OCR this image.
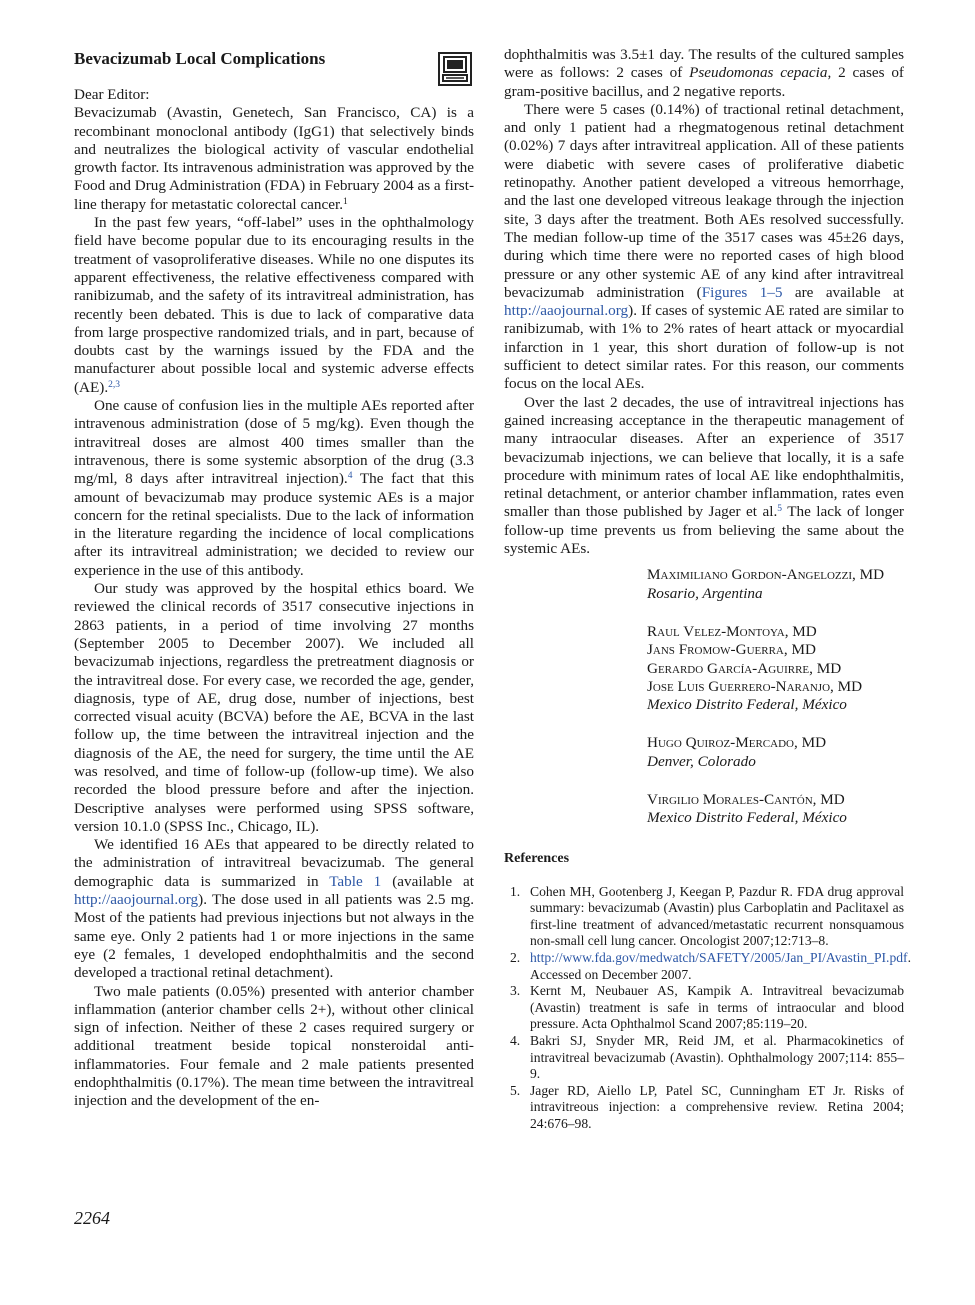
Bevacizumab Local Complications

Dear Editor:

Bevacizumab (Avastin, Genetech, San Francisco, CA) is a recombinant monoclonal antibody (IgG1) that selectively binds and neutralizes the biological activity of vascular endothelial growth factor. Its intravenous administration was approved by the Food and Drug Administration (FDA) in February 2004 as a first-line therapy for metastatic colorectal cancer.$^1$

In the past few years, “off-label” uses in the ophthalmology field have become popular due to its encouraging results in the treatment of vasoproliferative diseases. While no one disputes its apparent effectiveness, the relative effectiveness compared with ranibizumab, and the safety of its intravitreal administration, has recently been debated. This is due to lack of comparative data from large prospective randomized trials, and in part, because of doubts cast by the warnings issued by the FDA and the manufacturer about possible local and systemic adverse effects (AE).$^{2,3}$

One cause of confusion lies in the multiple AEs reported after intravenous administration (dose of 5 mg/kg). Even though the intravitreal doses are almost 400 times smaller than the intravenous, there is some systemic absorption of the drug (3.3 mg/ml, 8 days after intravitreal injection).$^4$ The fact that this amount of bevacizumab may produce systemic AEs is a major concern for the retinal specialists. Due to the lack of information in the literature regarding the incidence of local complications after its intravitreal administration; we decided to review our experience in the use of this antibody.

Our study was approved by the hospital ethics board. We reviewed the clinical records of 3517 consecutive injections in 2863 patients, in a period of time involving 27 months (September 2005 to December 2007). We included all bevacizumab injections, regardless the pretreatment diagnosis or the intravitreal dose. For every case, we recorded the age, gender, diagnosis, type of AE, drug dose, number of injections, best corrected visual acuity (BCVA) before the AE, BCVA in the last follow up, the time between the intravitreal injection and the diagnosis of the AE, the need for surgery, the time until the AE was resolved, and time of follow-up (follow-up time). We also recorded the blood pressure before and after the injection. Descriptive analyses were performed using SPSS software, version 10.1.0 (SPSS Inc., Chicago, IL).

We identified 16 AEs that appeared to be directly related to the administration of intravitreal bevacizumab. The general demographic data is summarized in Table 1 (available at http://aaojournal.org). The dose used in all patients was 2.5 mg. Most of the patients had previous injections but not always in the same eye. Only 2 patients had 1 or more injections in the same eye (2 females, 1 developed endophthalmitis and the second developed a tractional retinal detachment).

Two male patients (0.05%) presented with anterior chamber inflammation (anterior chamber cells 2+), without other clinical sign of infection. Neither of these 2 cases required surgery or additional treatment beside topical nonsteroidal anti-inflammatories. Four female and 2 male patients presented endophthalmitis (0.17%). The mean time between the intravitreal injection and the development of the en-

dophthalmitis was 3.5±1 day. The results of the cultured samples were as follows: 2 cases of Pseudomonas cepacia, 2 cases of gram-positive bacillus, and 2 negative reports.

There were 5 cases (0.14%) of tractional retinal detachment, and only 1 patient had a rhegmatogenous retinal detachment (0.02%) 7 days after intravitreal application. All of these patients were diabetic with severe cases of proliferative diabetic retinopathy. Another patient developed a vitreous hemorrhage, and the last one developed vitreous leakage through the injection site, 3 days after the treatment. Both AEs resolved successfully. The median follow-up time of the 3517 cases was 45±26 days, during which time there were no reported cases of high blood pressure or any other systemic AE of any kind after intravitreal bevacizumab administration (Figures 1–5 are available at http://aaojournal.org). If cases of systemic AE rated are similar to ranibizumab, with 1% to 2% rates of heart attack or myocardial infarction in 1 year, this short duration of follow-up is not sufficient to detect similar rates. For this reason, our comments focus on the local AEs.

Over the last 2 decades, the use of intravitreal injections has gained increasing acceptance in the therapeutic management of many intraocular diseases. After an experience of 3517 bevacizumab injections, we can believe that locally, it is a safe procedure with minimum rates of local AE like endophthalmitis, retinal detachment, or anterior chamber inflammation, rates even smaller than those published by Jager et al.$^5$ The lack of longer follow-up time prevents us from believing the same about the systemic AEs.

Maximiliano Gordon-Angelozzi, MD
Rosario, Argentina
Raul Velez-Montoya, MD
Jans Fromow-Guerra, MD
Gerardo García-Aguirre, MD
Jose Luis Guerrero-Naranjo, MD
Mexico Distrito Federal, México
Hugo Quiroz-Mercado, MD
Denver, Colorado
Virgilio Morales-Cantón, MD
Mexico Distrito Federal, México
References
1. Cohen MH, Gootenberg J, Keegan P, Pazdur R. FDA drug approval summary: bevacizumab (Avastin) plus Carboplatin and Paclitaxel as first-line treatment of advanced/metastatic recurrent nonsquamous non-small cell lung cancer. Oncologist 2007;12:713–8.
2. http://www.fda.gov/medwatch/SAFETY/2005/Jan_PI/Avastin_PI.pdf. Accessed on December 2007.
3. Kernt M, Neubauer AS, Kampik A. Intravitreal bevacizumab (Avastin) treatment is safe in terms of intraocular and blood pressure. Acta Ophthalmol Scand 2007;85:119–20.
4. Bakri SJ, Snyder MR, Reid JM, et al. Pharmacokinetics of intravitreal bevacizumab (Avastin). Ophthalmology 2007;114: 855–9.
5. Jager RD, Aiello LP, Patel SC, Cunningham ET Jr. Risks of intravitreous injection: a comprehensive review. Retina 2004; 24:676–98.
2264
